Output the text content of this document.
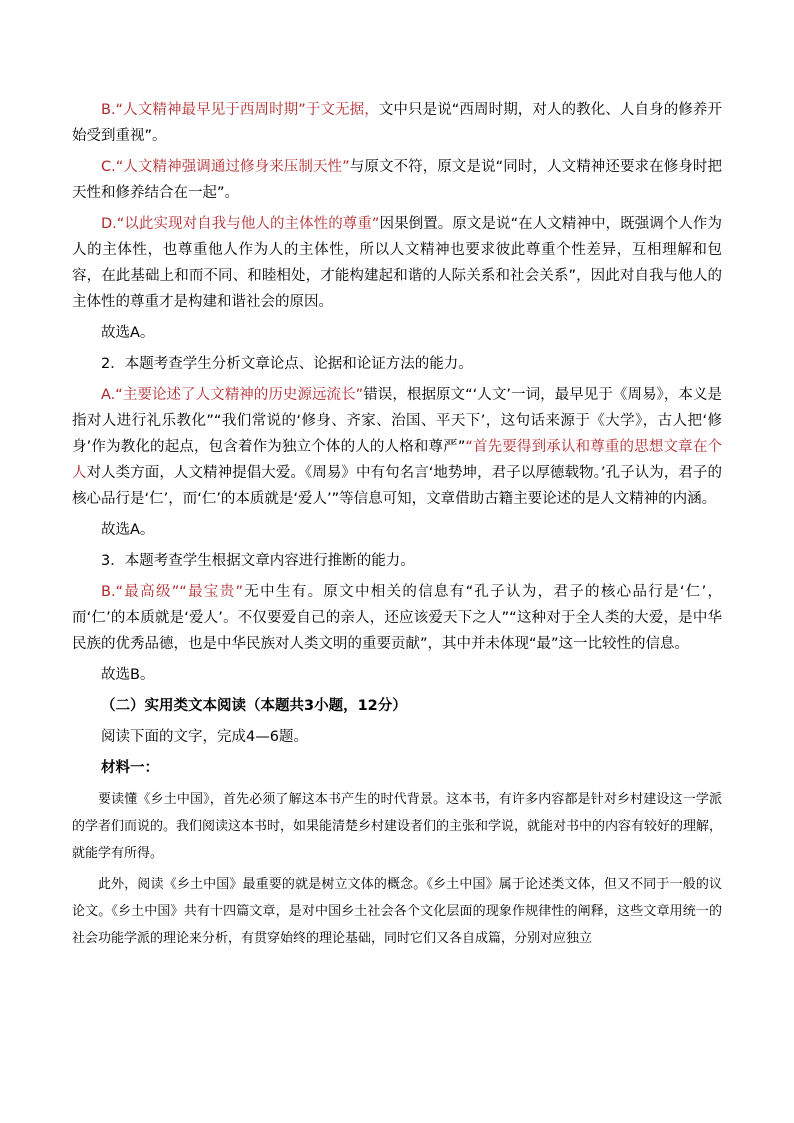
B.“人文精神最早见于西周时期”于文无据，文中只是说“西周时期，对人的教化、人自身的修养开始受到重视”。

C.“人文精神强调通过修身来压制天性”与原文不符，原文是说“同时，人文精神还要求在修身时把天性和修养结合在一起”。

D.“以此实现对自我与他人的主体性的尊重”因果倒置。原文是说“在人文精神中，既强调个人作为人的主体性，也尊重他人作为人的主体性，所以人文精神也要求彼此尊重个性差异，互相理解和包容，在此基础上和而不同、和睦相处，才能构建起和谐的人际关系和社会关系”，因此对自我与他人的主体性的尊重才是构建和谐社会的原因。

故选A。

2．本题考查学生分析文章论点、论据和论证方法的能力。

A.“主要论述了人文精神的历史源远流长”错误，根据原文“‘人文’一词，最早见于《周易》，本义是指对人进行礼乐教化”“我们常说的‘修身、齐家、治国、平天下’，这句话来源于《大学》，古人把‘修身’作为教化的起点，包含着作为独立个体的人的人格和尊严”“首先要得到承认和尊重的思想文章在个人对人类方面，人文精神提倡大爱。《周易》中有句名言‘地势坤，君子以厚德载物。’孔子认为，君子的核心品行是‘仁’，而‘仁’的本质就是‘爱人’”等信息可知，文章借助古籍主要论述的是人文精神的内涵。

故选A。

3．本题考查学生根据文章内容进行推断的能力。

B.“最高级”“最宝贵”无中生有。原文中相关的信息有“孔子认为，君子的核心品行是‘仁’，而‘仁’的本质就是‘爱人’。不仅要爱自己的亲人，还应该爱天下之人”“这种对于全人类的大爱，是中华民族的优秀品德，也是中华民族对人类文明的重要贡献”，其中并未体现“最”这一比较性的信息。

故选B。

（二）实用类文本阅读（本题共3小题，12分）

阅读下面的文字，完成4—6题。

材料一：

要读懂《乡土中国》，首先必须了解这本书产生的时代背景。这本书，有许多内容都是针对乡村建设这一学派的学者们而说的。我们阅读这本书时，如果能清楚乡村建设者们的主张和学说，就能对书中的内容有较好的理解，就能学有所得。

此外，阅读《乡土中国》最重要的就是树立文体的概念。《乡土中国》属于论述类文体，但又不同于一般的议论文。《乡土中国》共有十四篇文章，是对中国乡土社会各个文化层面的现象作规律性的阐释，这些文章用统一的社会功能学派的理论来分析，有贯穿始终的理论基础，同时它们又各自成篇，分别对应独立
